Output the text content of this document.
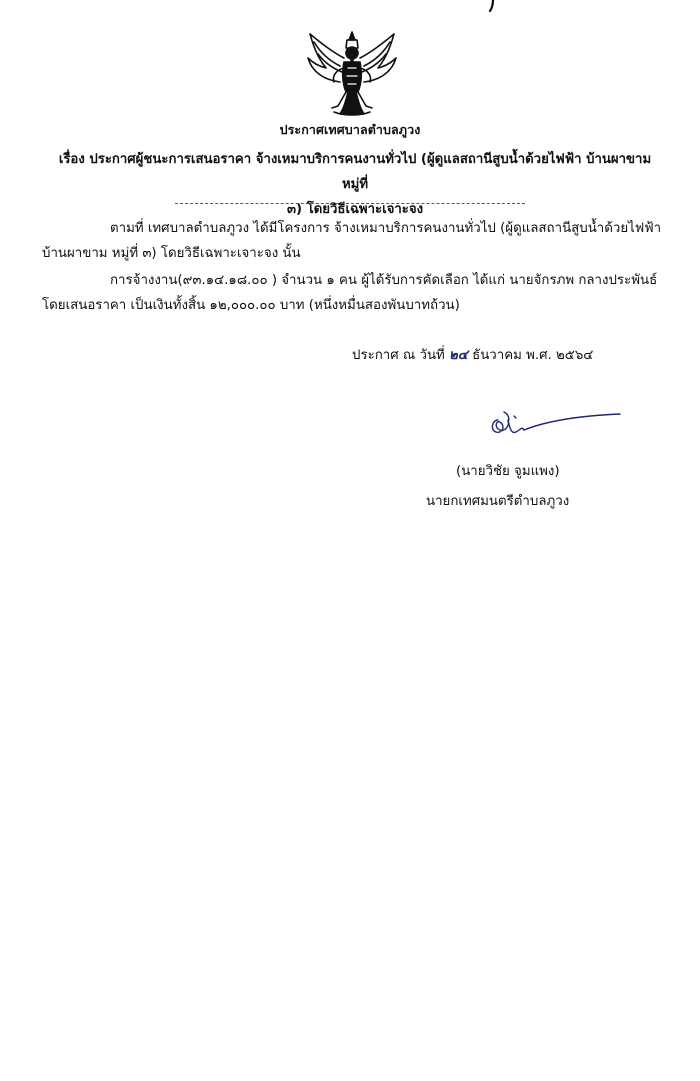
ประกาศเทศบาลตำบลภูวง
เรื่อง ประกาศผู้ชนะการเสนอราคา จ้างเหมาบริการคนงานทั่วไป (ผู้ดูแลสถานีสูบน้ำด้วยไฟฟ้า บ้านผาขาม หมู่ที่
๓) โดยวิธีเฉพาะเจาะจง
ตามที่ เทศบาลตำบลภูวง ได้มีโครงการ จ้างเหมาบริการคนงานทั่วไป (ผู้ดูแลสถานีสูบน้ำด้วยไฟฟ้า บ้านผาขาม หมู่ที่ ๓) โดยวิธีเฉพาะเจาะจง นั้น
การจ้างงาน(๙๓.๑๔.๑๘.๐๐ ) จำนวน ๑ คน ผู้ได้รับการคัดเลือก ได้แก่ นายจักรภพ กลางประพันธ์ โดยเสนอราคา เป็นเงินทั้งสิ้น ๑๒,๐๐๐.๐๐ บาท (หนึ่งหมื่นสองพันบาทถ้วน)
ประกาศ ณ วันที่ ๒๔ ธันวาคม พ.ศ. ๒๕๖๔
(นายวิชัย จูมแพง)
นายกเทศมนตรีตำบลภูวง
